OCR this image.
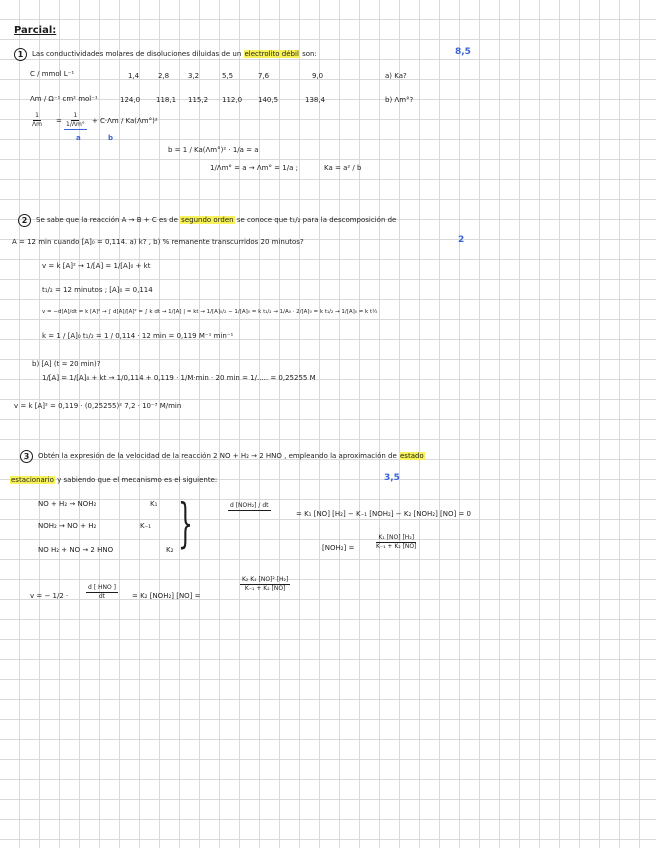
Parcial:
1	Las conductividades molares de disoluciones diluidas de un electrolito débil son:	8,5
C / mmol L⁻¹	1,4	2,8	3,2	5,5	7,6	9,0	a) Ka?
Λm / Ω⁻¹ cm² mol⁻¹	124,0 118,1 115,2 112,0 140,5	138,4	b) Λm°?
$\frac{1}{\Lambda m} = \frac{1}{1/\Lambda m^\circ} + C\cdot\Lambda m / Ka(\Lambda m^\circ)^2$
a	b
b = 1 / Ka(Λm°)² · 1/a = a
1/Λm° = a → Λm° = 1/a ;	Ka = a² / b
2	Se sabe que la reacción A → B + C es de segundo orden se conoce que t₁/₂ para la descomposición de
A = 12 min cuando [A]₀ = 0,114. a) k? , b) % remanente transcurridos 20 minutos?	2
v = k [A]² → 1/[A] = 1/[A]₀ + kt
t₁/₂ = 12 minutos ; [A]₀ = 0,114
v = −d[A]/dt = k [A]² → ∫ d[A]/[A]² = ∫ k dt → 1/[A] | = kt → 1/[A]₀/₂ − 1/[A]₀ = k t₁/₂ → 1/A₀ · 2/[A]₀ = k t₁/₂ → 1/[A]₀ = k t½
k = 1 / [A]₀ t₁/₂ = 1 / 0,114 · 12 min = 0,119 M⁻¹ min⁻¹
b) [A] (t = 20 min)?
1/[A] = 1/[A]₀ + kt → 1/0,114 + 0,119 · 1/M·min · 20 min = 1/..... = 0,25255 M
v = k [A]² = 0,119 · (0,25255)² 7,2 · 10⁻³ M/min
3	Obtén la expresión de la velocidad de la reacción 2 NO + H₂ → 2 HNO , empleando la aproximación de estado
estacionario y sabiendo que el mecanismo es el siguiente:	3,5
NO + H₂ → NOH₂	K₁
NOH₂ → NO + H₂	K₋₁
NO H₂ + NO → 2 HNO	K₂ }	d [NOH₂] / dt

= K₁ [NO] [H₂] − K₋₁ [NOH₂] − K₂ [NOH₂] [NO] = 0
[NOH₂] =	$\frac{\text{K₁ [NO] [H₂]}}{\text{K₋₁ + K₂ [NO]}}$
v = − 1/2 ·
d [ HNO ]
dt	= K₂ [NOH₂] [NO] =
$\frac{\text{K₂ K₁ [NO]² [H₂]}}{\text{K₋₁ + K₂ [NO]}}$
